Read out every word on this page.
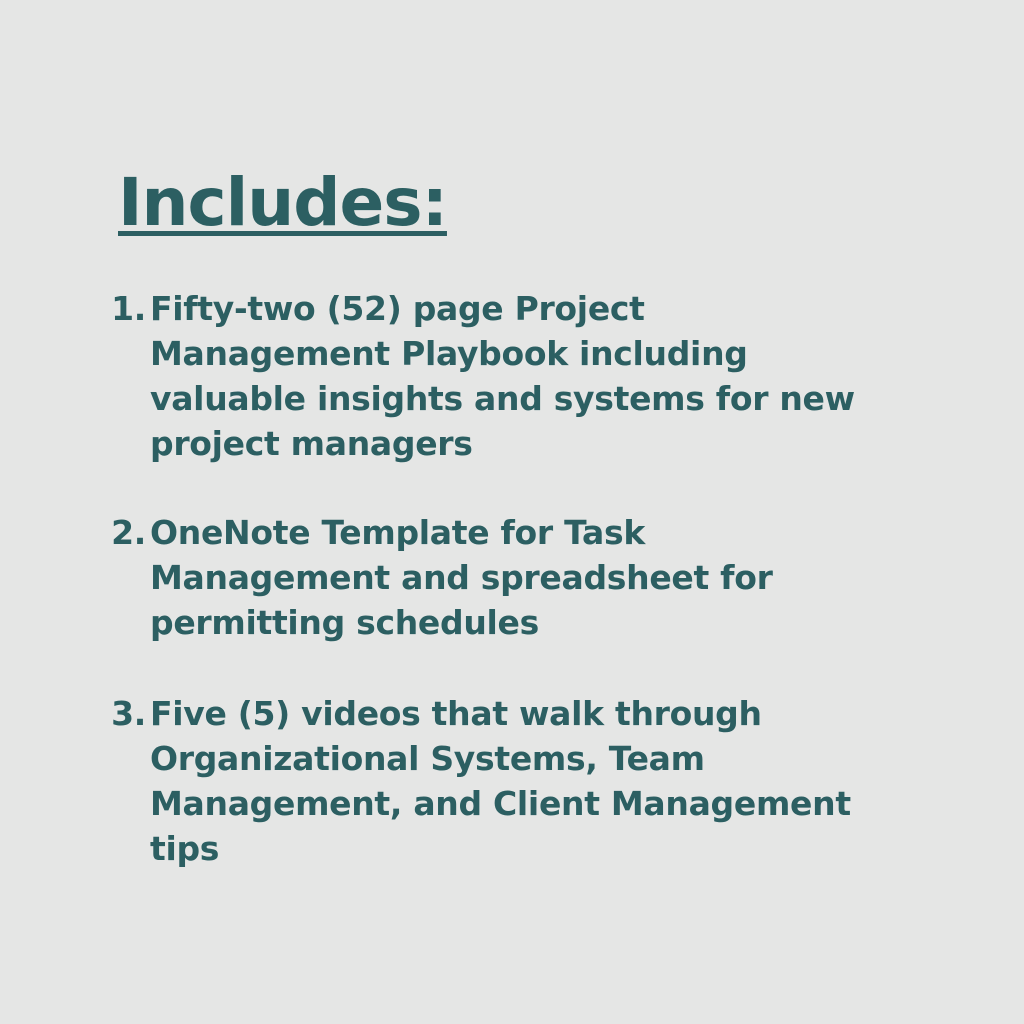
Includes:
1. Fifty-two (52) page Project
Management Playbook including
valuable insights and systems for new
project managers
2. OneNote Template for Task
Management and spreadsheet for
permitting schedules
3. Five (5) videos that walk through
Organizational Systems, Team
Management, and Client Management
tips
